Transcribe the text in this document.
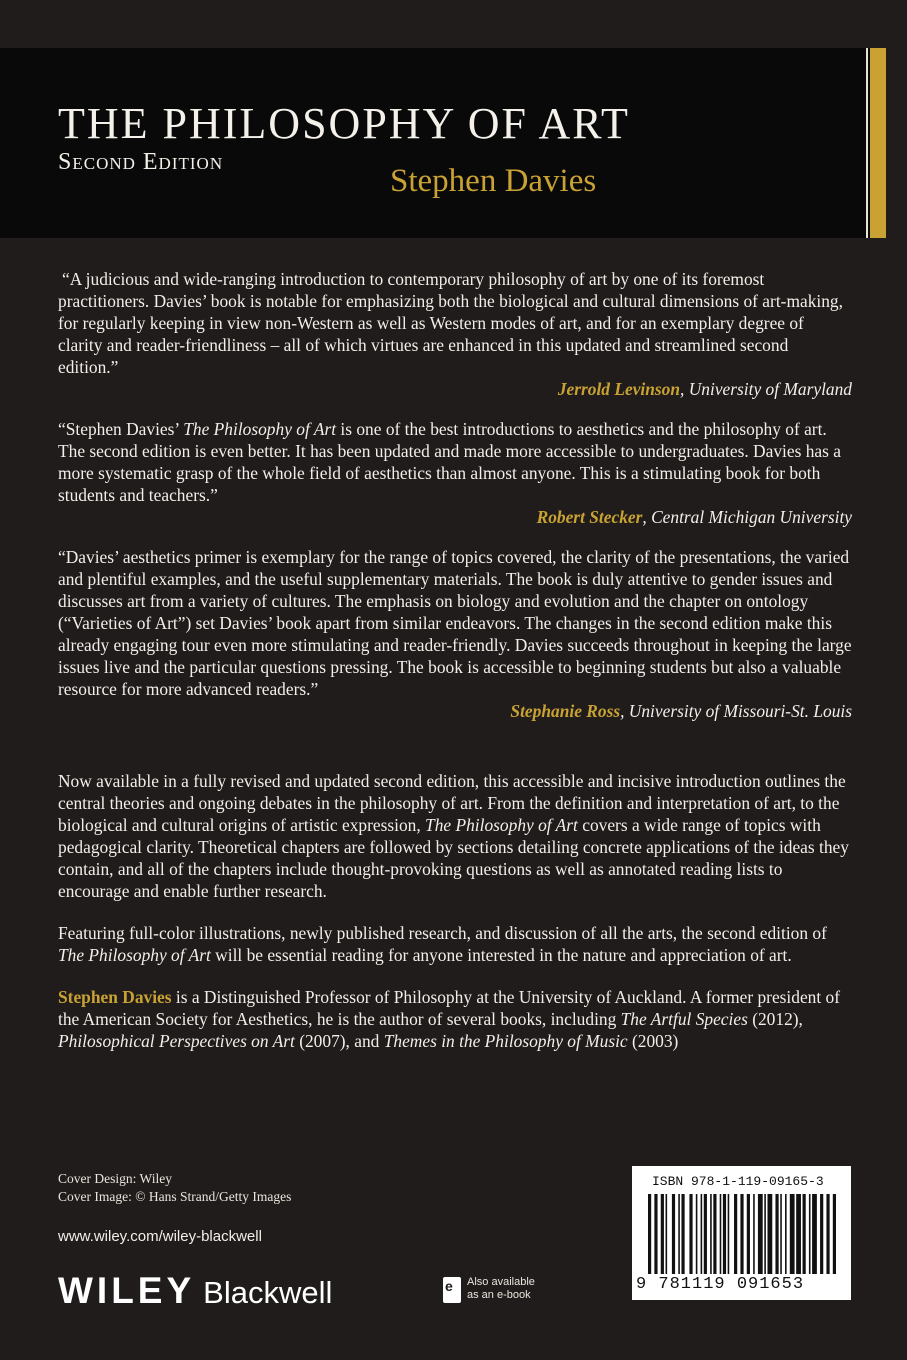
THE PHILOSOPHY OF ART
Second Edition
Stephen Davies

“A judicious and wide-ranging introduction to contemporary philosophy of art by one of its foremost practitioners. Davies’ book is notable for emphasizing both the biological and cultural dimensions of art-making, for regularly keeping in view non-Western as well as Western modes of art, and for an exemplary degree of clarity and reader-friendliness – all of which virtues are enhanced in this updated and streamlined second edition.”

Jerrold Levinson, University of Maryland

“Stephen Davies’ The Philosophy of Art is one of the best introductions to aesthetics and the philosophy of art. The second edition is even better. It has been updated and made more accessible to undergraduates. Davies has a more systematic grasp of the whole field of aesthetics than almost anyone. This is a stimulating book for both students and teachers.”

Robert Stecker, Central Michigan University

“Davies’ aesthetics primer is exemplary for the range of topics covered, the clarity of the presentations, the varied and plentiful examples, and the useful supplementary materials. The book is duly attentive to gender issues and discusses art from a variety of cultures. The emphasis on biology and evolution and the chapter on ontology (“Varieties of Art”) set Davies’ book apart from similar endeavors. The changes in the second edition make this already engaging tour even more stimulating and reader-friendly. Davies succeeds throughout in keeping the large issues live and the particular questions pressing. The book is accessible to beginning students but also a valuable resource for more advanced readers.”

Stephanie Ross, University of Missouri-St. Louis

Now available in a fully revised and updated second edition, this accessible and incisive introduction outlines the central theories and ongoing debates in the philosophy of art. From the definition and interpretation of art, to the biological and cultural origins of artistic expression, The Philosophy of Art covers a wide range of topics with pedagogical clarity. Theoretical chapters are followed by sections detailing concrete applications of the ideas they contain, and all of the chapters include thought-provoking questions as well as annotated reading lists to encourage and enable further research.

Featuring full-color illustrations, newly published research, and discussion of all the arts, the second edition of The Philosophy of Art will be essential reading for anyone interested in the nature and appreciation of art.

Stephen Davies is a Distinguished Professor of Philosophy at the University of Auckland. A former president of the American Society for Aesthetics, he is the author of several books, including The Artful Species (2012), Philosophical Perspectives on Art (2007), and Themes in the Philosophy of Music (2003)

Cover Design: Wiley
Cover Image: © Hans Strand/Getty Images
www.wiley.com/wiley-blackwell
WILEY Blackwell	e Also available
as an e-book
ISBN 978-1-119-09165-3
9 781119 091653
